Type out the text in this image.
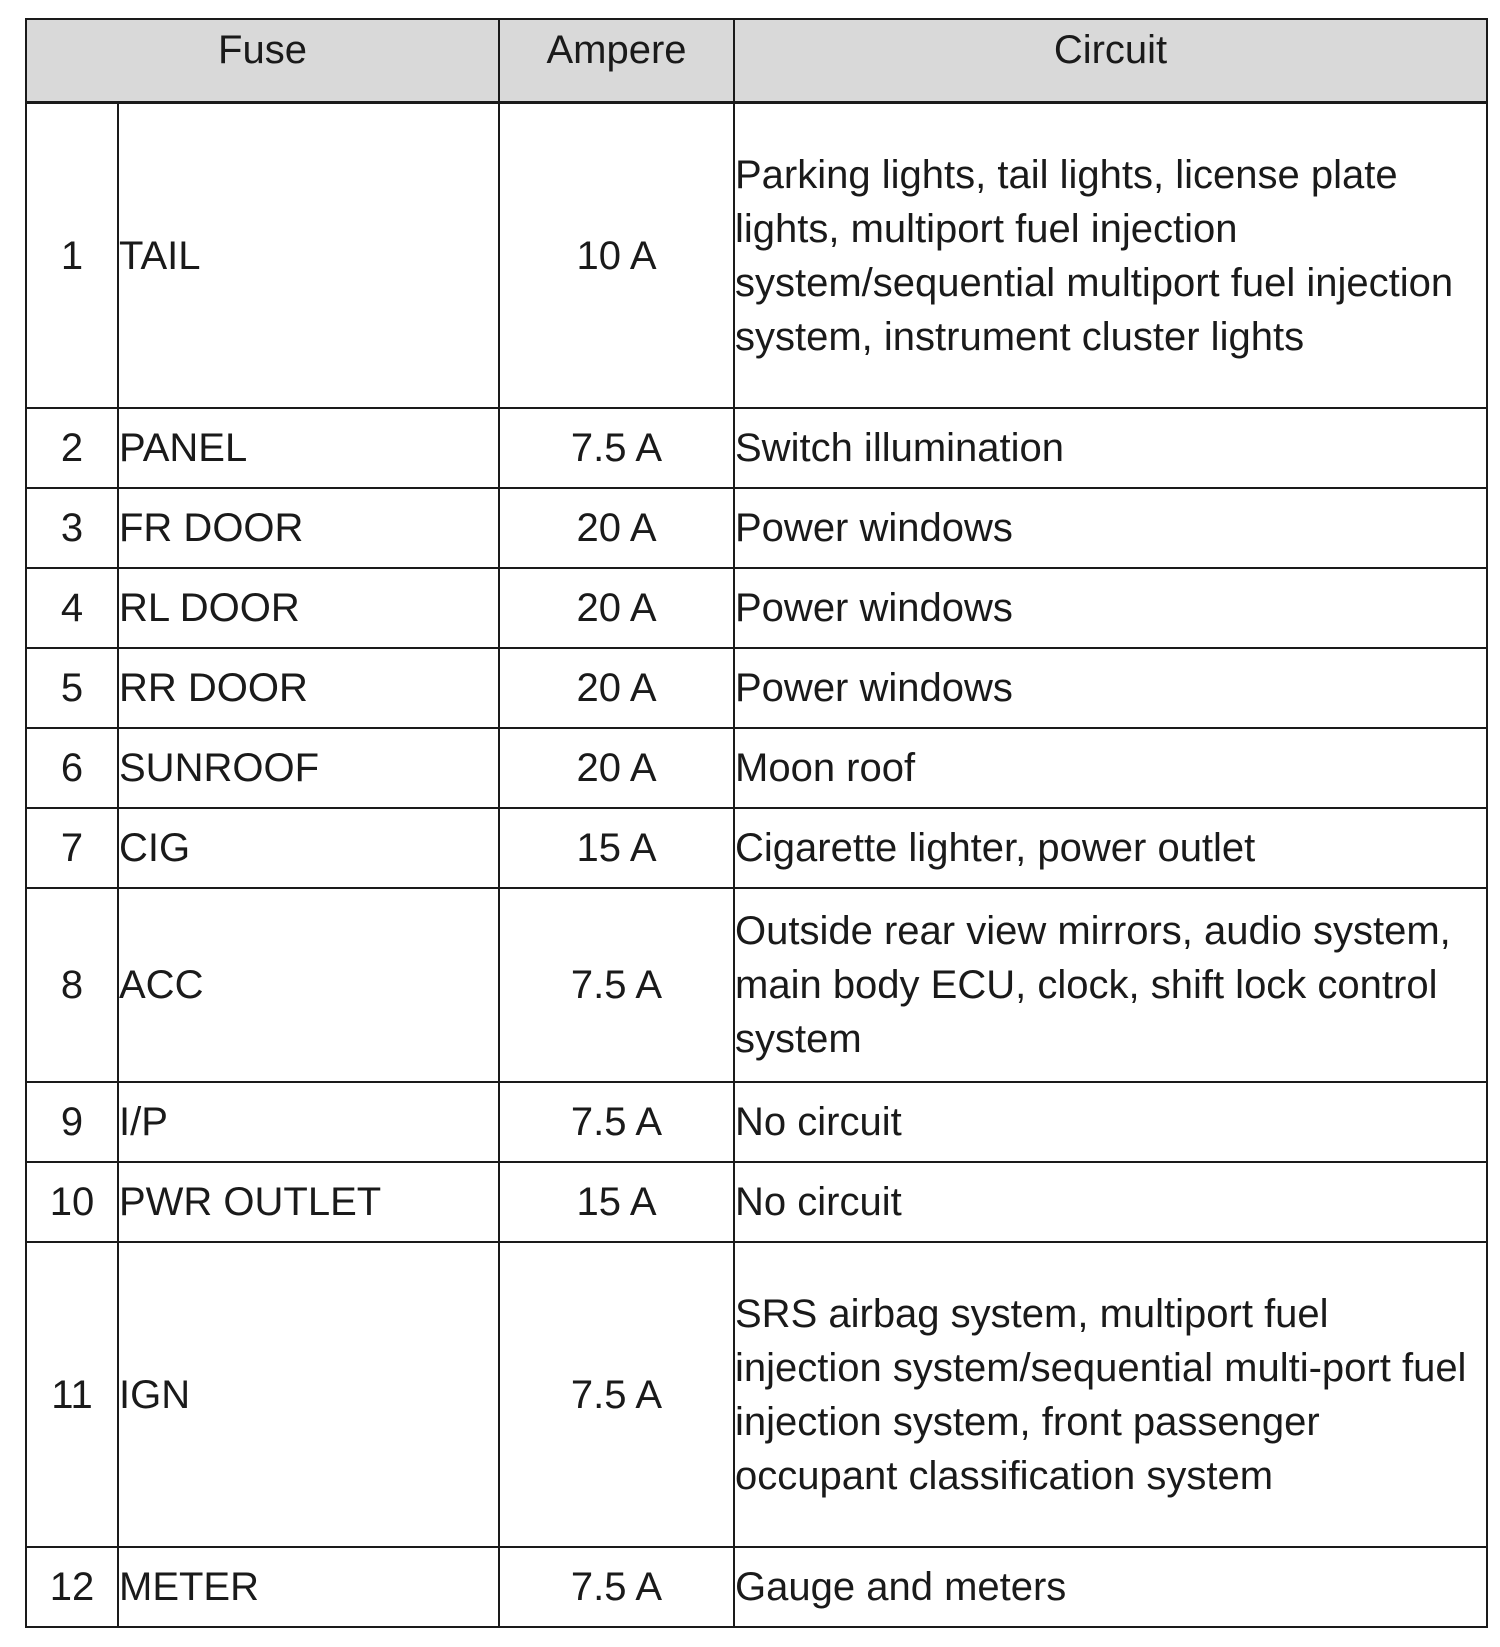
Fuse		Ampere	Circuit
1	TAIL	10 A	Parking lights, tail lights, license plate lights, multiport fuel injection system/sequential multiport fuel injection system, instrument cluster lights
2	PANEL	7.5 A	Switch illumination
3	FR DOOR	20 A	Power windows
4	RL DOOR	20 A	Power windows
5	RR DOOR	20 A	Power windows
6	SUNROOF	20 A	Moon roof
7	CIG	15 A	Cigarette lighter, power outlet
8	ACC	7.5 A	Outside rear view mirrors, audio system, main body ECU, clock, shift lock control system
9	I/P	7.5 A	No circuit
10	PWR OUTLET	15 A	No circuit
11	IGN	7.5 A	SRS airbag system, multiport fuel injection system/sequential multi-port fuel injection system, front passenger occupant classification system
12	METER	7.5 A	Gauge and meters
